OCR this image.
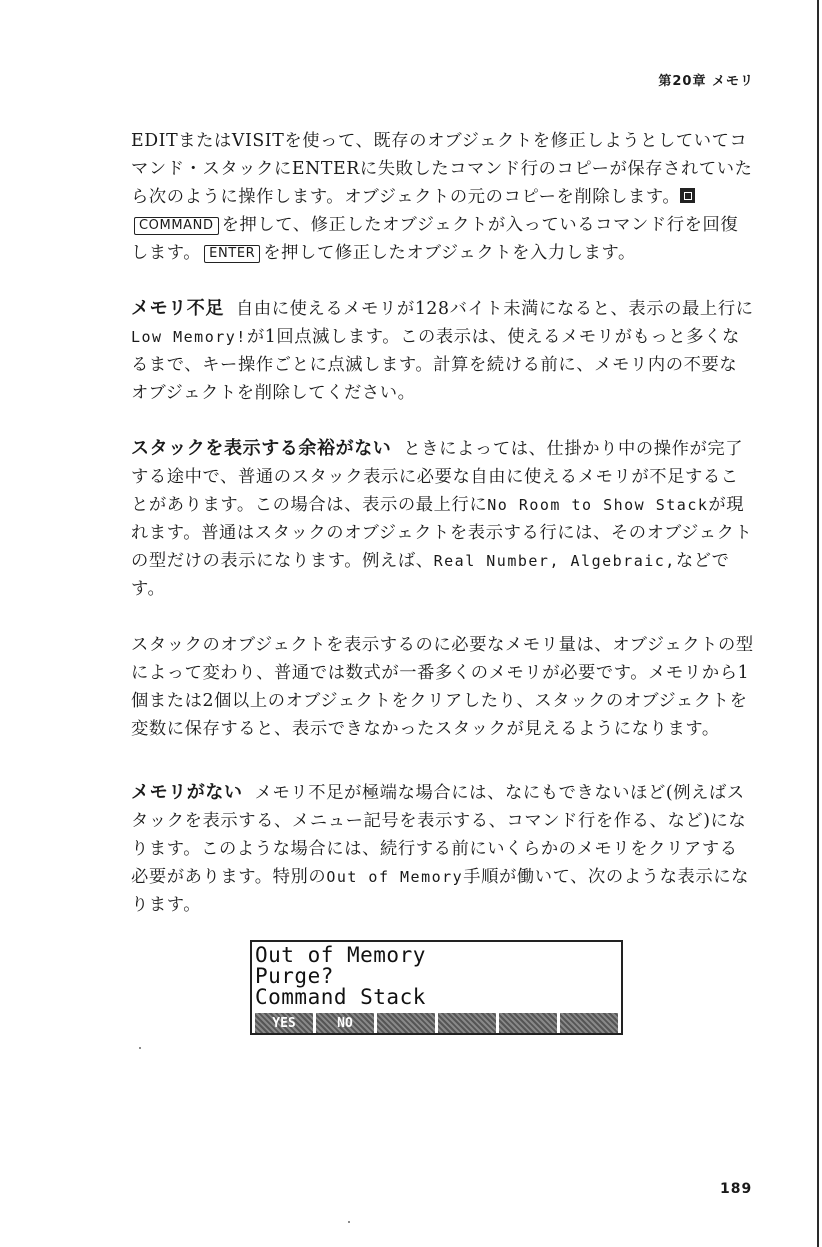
第20章 メモリ

EDITまたはVISITを使って、既存のオブジェクトを修正しようとしていてコマンド・スタックにENTERに失敗したコマンド行のコピーが保存されていたら次のように操作します。オブジェクトの元のコピーを削除します。COMMAND を押して、修正したオブジェクトが入っているコマンド行を回復します。 ENTER を押して修正したオブジェクトを入力します。

メモリ不足 自由に使えるメモリが128バイト未満になると、表示の最上行にLow Memory!が1回点滅します。この表示は、使えるメモリがもっと多くなるまで、キー操作ごとに点滅します。計算を続ける前に、メモリ内の不要なオブジェクトを削除してください。

スタックを表示する余裕がない ときによっては、仕掛かり中の操作が完了する途中で、普通のスタック表示に必要な自由に使えるメモリが不足することがあります。この場合は、表示の最上行にNo Room to Show Stackが現れます。普通はスタックのオブジェクトを表示する行には、そのオブジェクトの型だけの表示になります。例えば、Real Number, Algebraic,などです。

スタックのオブジェクトを表示するのに必要なメモリ量は、オブジェクトの型によって変わり、普通では数式が一番多くのメモリが必要です。メモリから1個または2個以上のオブジェクトをクリアしたり、スタックのオブジェクトを変数に保存すると、表示できなかったスタックが見えるようになります。

メモリがない メモリ不足が極端な場合には、なにもできないほど(例えばスタックを表示する、メニュー記号を表示する、コマンド行を作る、など)になります。このような場合には、続行する前にいくらかのメモリをクリアする必要があります。特別のOut of Memory手順が働いて、次のような表示になります。

Out of Memory
Purge?
Command Stack
YES	NO
189
